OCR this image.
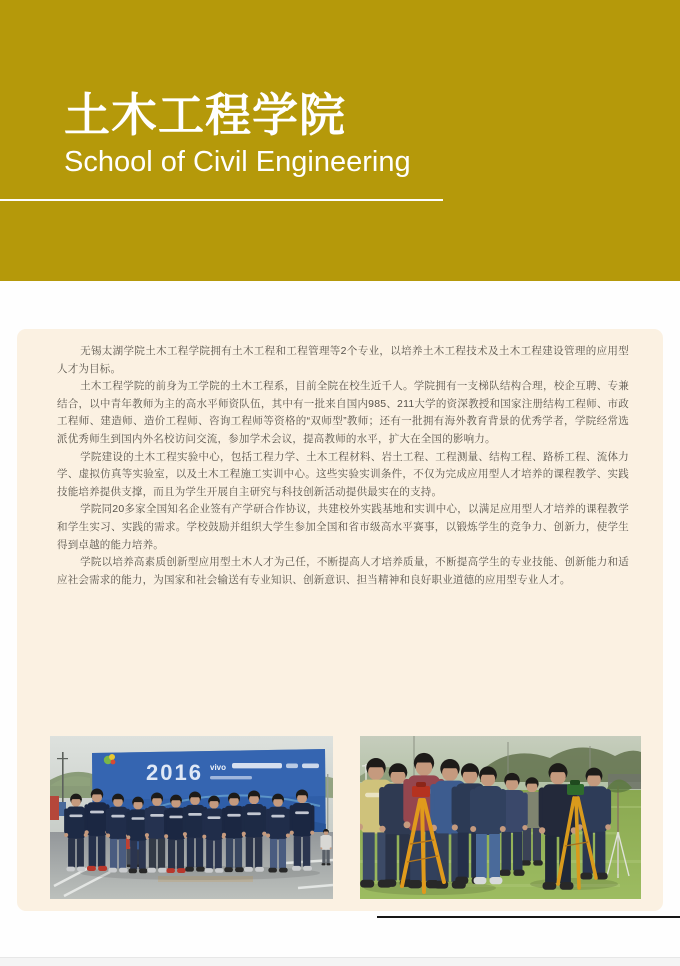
土木工程学院
School of Civil Engineering

无锡太湖学院土木工程学院拥有土木工程和工程管理等2个专业，以培养土木工程技术及土木工程建设管理的应用型人才为目标。

土木工程学院的前身为工学院的土木工程系，目前全院在校生近千人。学院拥有一支梯队结构合理，校企互聘、专兼结合，以中青年教师为主的高水平师资队伍，其中有一批来自国内985、211大学的资深教授和国家注册结构工程师、市政工程师、建造师、造价工程师、咨询工程师等资格的“双师型”教师；还有一批拥有海外教育背景的优秀学者，学院经常选派优秀师生到国内外名校访问交流，参加学术会议，提高教师的水平，扩大在全国的影响力。

学院建设的土木工程实验中心，包括工程力学、土木工程材料、岩土工程、工程测量、结构工程、路桥工程、流体力学、虚拟仿真等实验室，以及土木工程施工实训中心。这些实验实训条件，不仅为完成应用型人才培养的课程教学、实践技能培养提供支撑，而且为学生开展自主研究与科技创新活动提供最实在的支持。

学院同20多家全国知名企业签有产学研合作协议，共建校外实践基地和实训中心，以满足应用型人才培养的课程教学和学生实习、实践的需求。学校鼓励并组织大学生参加全国和省市级高水平赛事，以锻炼学生的竞争力、创新力，使学生得到卓越的能力培养。

学院以培养高素质创新型应用型土木人才为己任，不断提高人才培养质量，不断提高学生的专业技能、创新能力和适应社会需求的能力，为国家和社会输送有专业知识、创新意识、担当精神和良好职业道德的应用型专业人才。

2016 vivo
